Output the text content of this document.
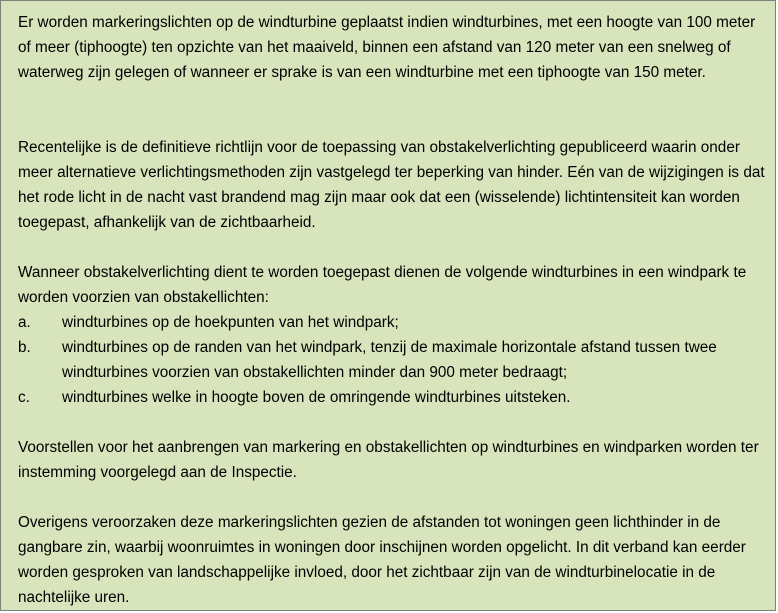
Er worden markeringslichten op de windturbine geplaatst indien windturbines, met een hoogte van 100 meter of meer (tiphoogte) ten opzichte van het maaiveld, binnen een afstand van 120 meter van een snelweg of waterweg zijn gelegen of wanneer er sprake is van een windturbine met een tiphoogte van 150 meter.

Recentelijke is de definitieve richtlijn voor de toepassing van obstakelverlichting gepubliceerd waarin onder meer alternatieve verlichtingsmethoden zijn vastgelegd ter beperking van hinder. Eén van de wijzigingen is dat het rode licht in de nacht vast brandend mag zijn maar ook dat een (wisselende) lichtintensiteit kan worden toegepast, afhankelijk van de zichtbaarheid.

Wanneer obstakelverlichting dient te worden toegepast dienen de volgende windturbines in een windpark te worden voorzien van obstakellichten:

a. windturbines op de hoekpunten van het windpark;
b. windturbines op de randen van het windpark, tenzij de maximale horizontale afstand tussen twee windturbines voorzien van obstakellichten minder dan 900 meter bedraagt;
c. windturbines welke in hoogte boven de omringende windturbines uitsteken.

Voorstellen voor het aanbrengen van markering en obstakellichten op windturbines en windparken worden ter instemming voorgelegd aan de Inspectie.

Overigens veroorzaken deze markeringslichten gezien de afstanden tot woningen geen lichthinder in de gangbare zin, waarbij woonruimtes in woningen door inschijnen worden opgelicht. In dit verband kan eerder worden gesproken van landschappelijke invloed, door het zichtbaar zijn van de windturbinelocatie in de nachtelijke uren.
